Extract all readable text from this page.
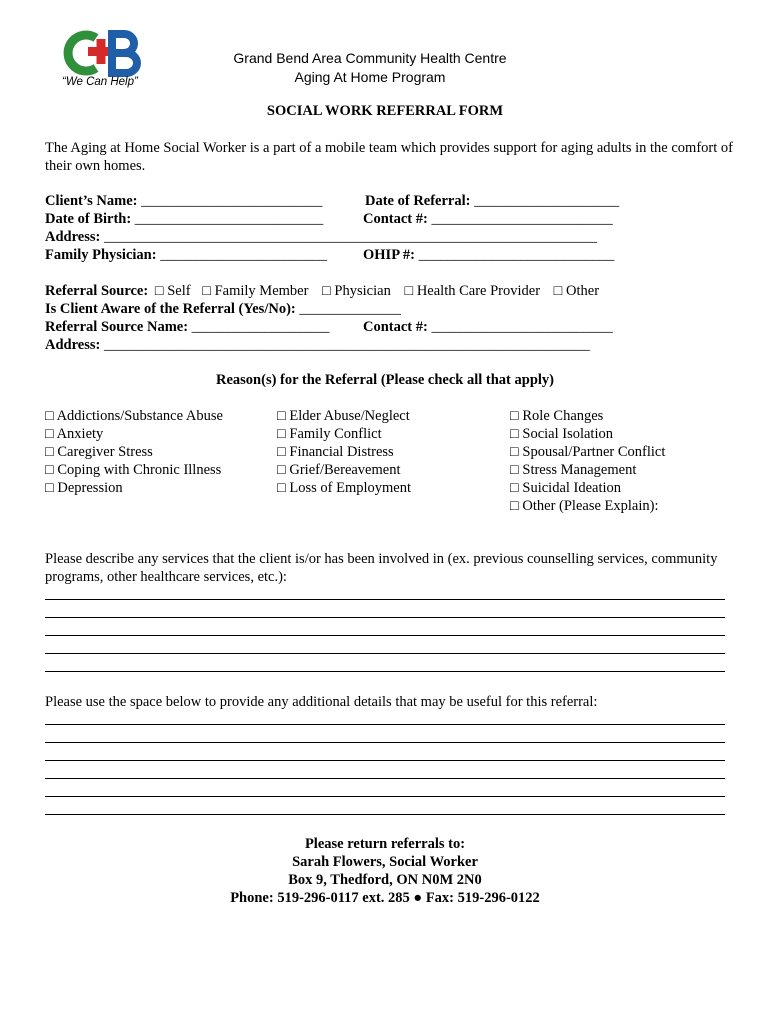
“We Can Help”
Grand Bend Area Community Health Centre
Aging At Home Program
SOCIAL WORK REFERRAL FORM
The Aging at Home Social Worker is a part of a mobile team which provides support for aging adults in the comfort of their own homes.
Client’s Name: _________________________	Date of Referral: ____________________
Date of Birth: __________________________	Contact #: _________________________
Address: ____________________________________________________________________
Family Physician: _______________________ OHIP #: ___________________________
Referral Source: □ Self □ Family Member □ Physician □ Health Care Provider □ Other
Is Client Aware of the Referral (Yes/No): ______________
Referral Source Name: ___________________ Contact #: _________________________
Address: ___________________________________________________________________
Reason(s) for the Referral (Please check all that apply)
□ Addictions/Substance Abuse
□ Anxiety
□ Caregiver Stress
□ Coping with Chronic Illness
□ Depression
□ Elder Abuse/Neglect
□ Family Conflict
□ Financial Distress
□ Grief/Bereavement
□ Loss of Employment
□ Role Changes
□ Social Isolation
□ Spousal/Partner Conflict
□ Stress Management
□ Suicidal Ideation
□ Other (Please Explain):
Please describe any services that the client is/or has been involved in (ex. previous counselling services, community programs, other healthcare services, etc.):
Please use the space below to provide any additional details that may be useful for this referral:
Please return referrals to:
Sarah Flowers, Social Worker
Box 9, Thedford, ON N0M 2N0
Phone: 519-296-0117 ext. 285 ● Fax: 519-296-0122
